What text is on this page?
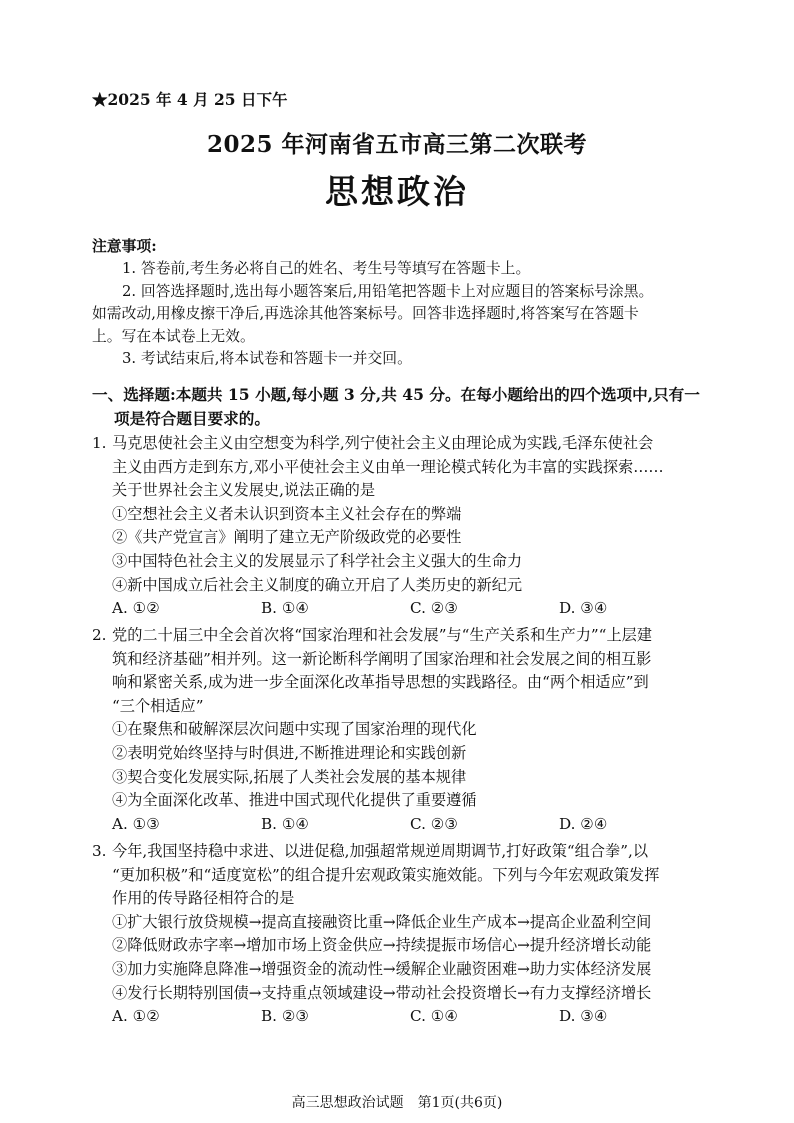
★2025 年 4 月 25 日下午
2025 年河南省五市高三第二次联考
思想政治
注意事项:
1. 答卷前,考生务必将自己的姓名、考生号等填写在答题卡上。
2. 回答选择题时,选出每小题答案后,用铅笔把答题卡上对应题目的答案标号涂黑。
如需改动,用橡皮擦干净后,再选涂其他答案标号。回答非选择题时,将答案写在答题卡
上。写在本试卷上无效。
3. 考试结束后,将本试卷和答题卡一并交回。
一、选择题:本题共 15 小题,每小题 3 分,共 45 分。在每小题给出的四个选项中,只有一
项是符合题目要求的。
1. 马克思使社会主义由空想变为科学,列宁使社会主义由理论成为实践,毛泽东使社会
主义由西方走到东方,邓小平使社会主义由单一理论模式转化为丰富的实践探索……
关于世界社会主义发展史,说法正确的是
①空想社会主义者未认识到资本主义社会存在的弊端
②《共产党宣言》阐明了建立无产阶级政党的必要性
③中国特色社会主义的发展显示了科学社会主义强大的生命力
④新中国成立后社会主义制度的确立开启了人类历史的新纪元
A. ①②	B. ①④	C. ②③	D. ③④
2. 党的二十届三中全会首次将“国家治理和社会发展”与“生产关系和生产力”“上层建
筑和经济基础”相并列。这一新论断科学阐明了国家治理和社会发展之间的相互影
响和紧密关系,成为进一步全面深化改革指导思想的实践路径。由“两个相适应”到
“三个相适应”
①在聚焦和破解深层次问题中实现了国家治理的现代化
②表明党始终坚持与时俱进,不断推进理论和实践创新
③契合变化发展实际,拓展了人类社会发展的基本规律
④为全面深化改革、推进中国式现代化提供了重要遵循
A. ①③	B. ①④	C. ②③	D. ②④
3. 今年,我国坚持稳中求进、以进促稳,加强超常规逆周期调节,打好政策“组合拳”,以
“更加积极”和“适度宽松”的组合提升宏观政策实施效能。下列与今年宏观政策发挥
作用的传导路径相符合的是
①扩大银行放贷规模→提高直接融资比重→降低企业生产成本→提高企业盈利空间
②降低财政赤字率→增加市场上资金供应→持续提振市场信心→提升经济增长动能
③加力实施降息降准→增强资金的流动性→缓解企业融资困难→助力实体经济发展
④发行长期特别国债→支持重点领域建设→带动社会投资增长→有力支撑经济增长
A. ①②	B. ②③	C. ①④	D. ③④
高三思想政治试题　第1页(共6页)
